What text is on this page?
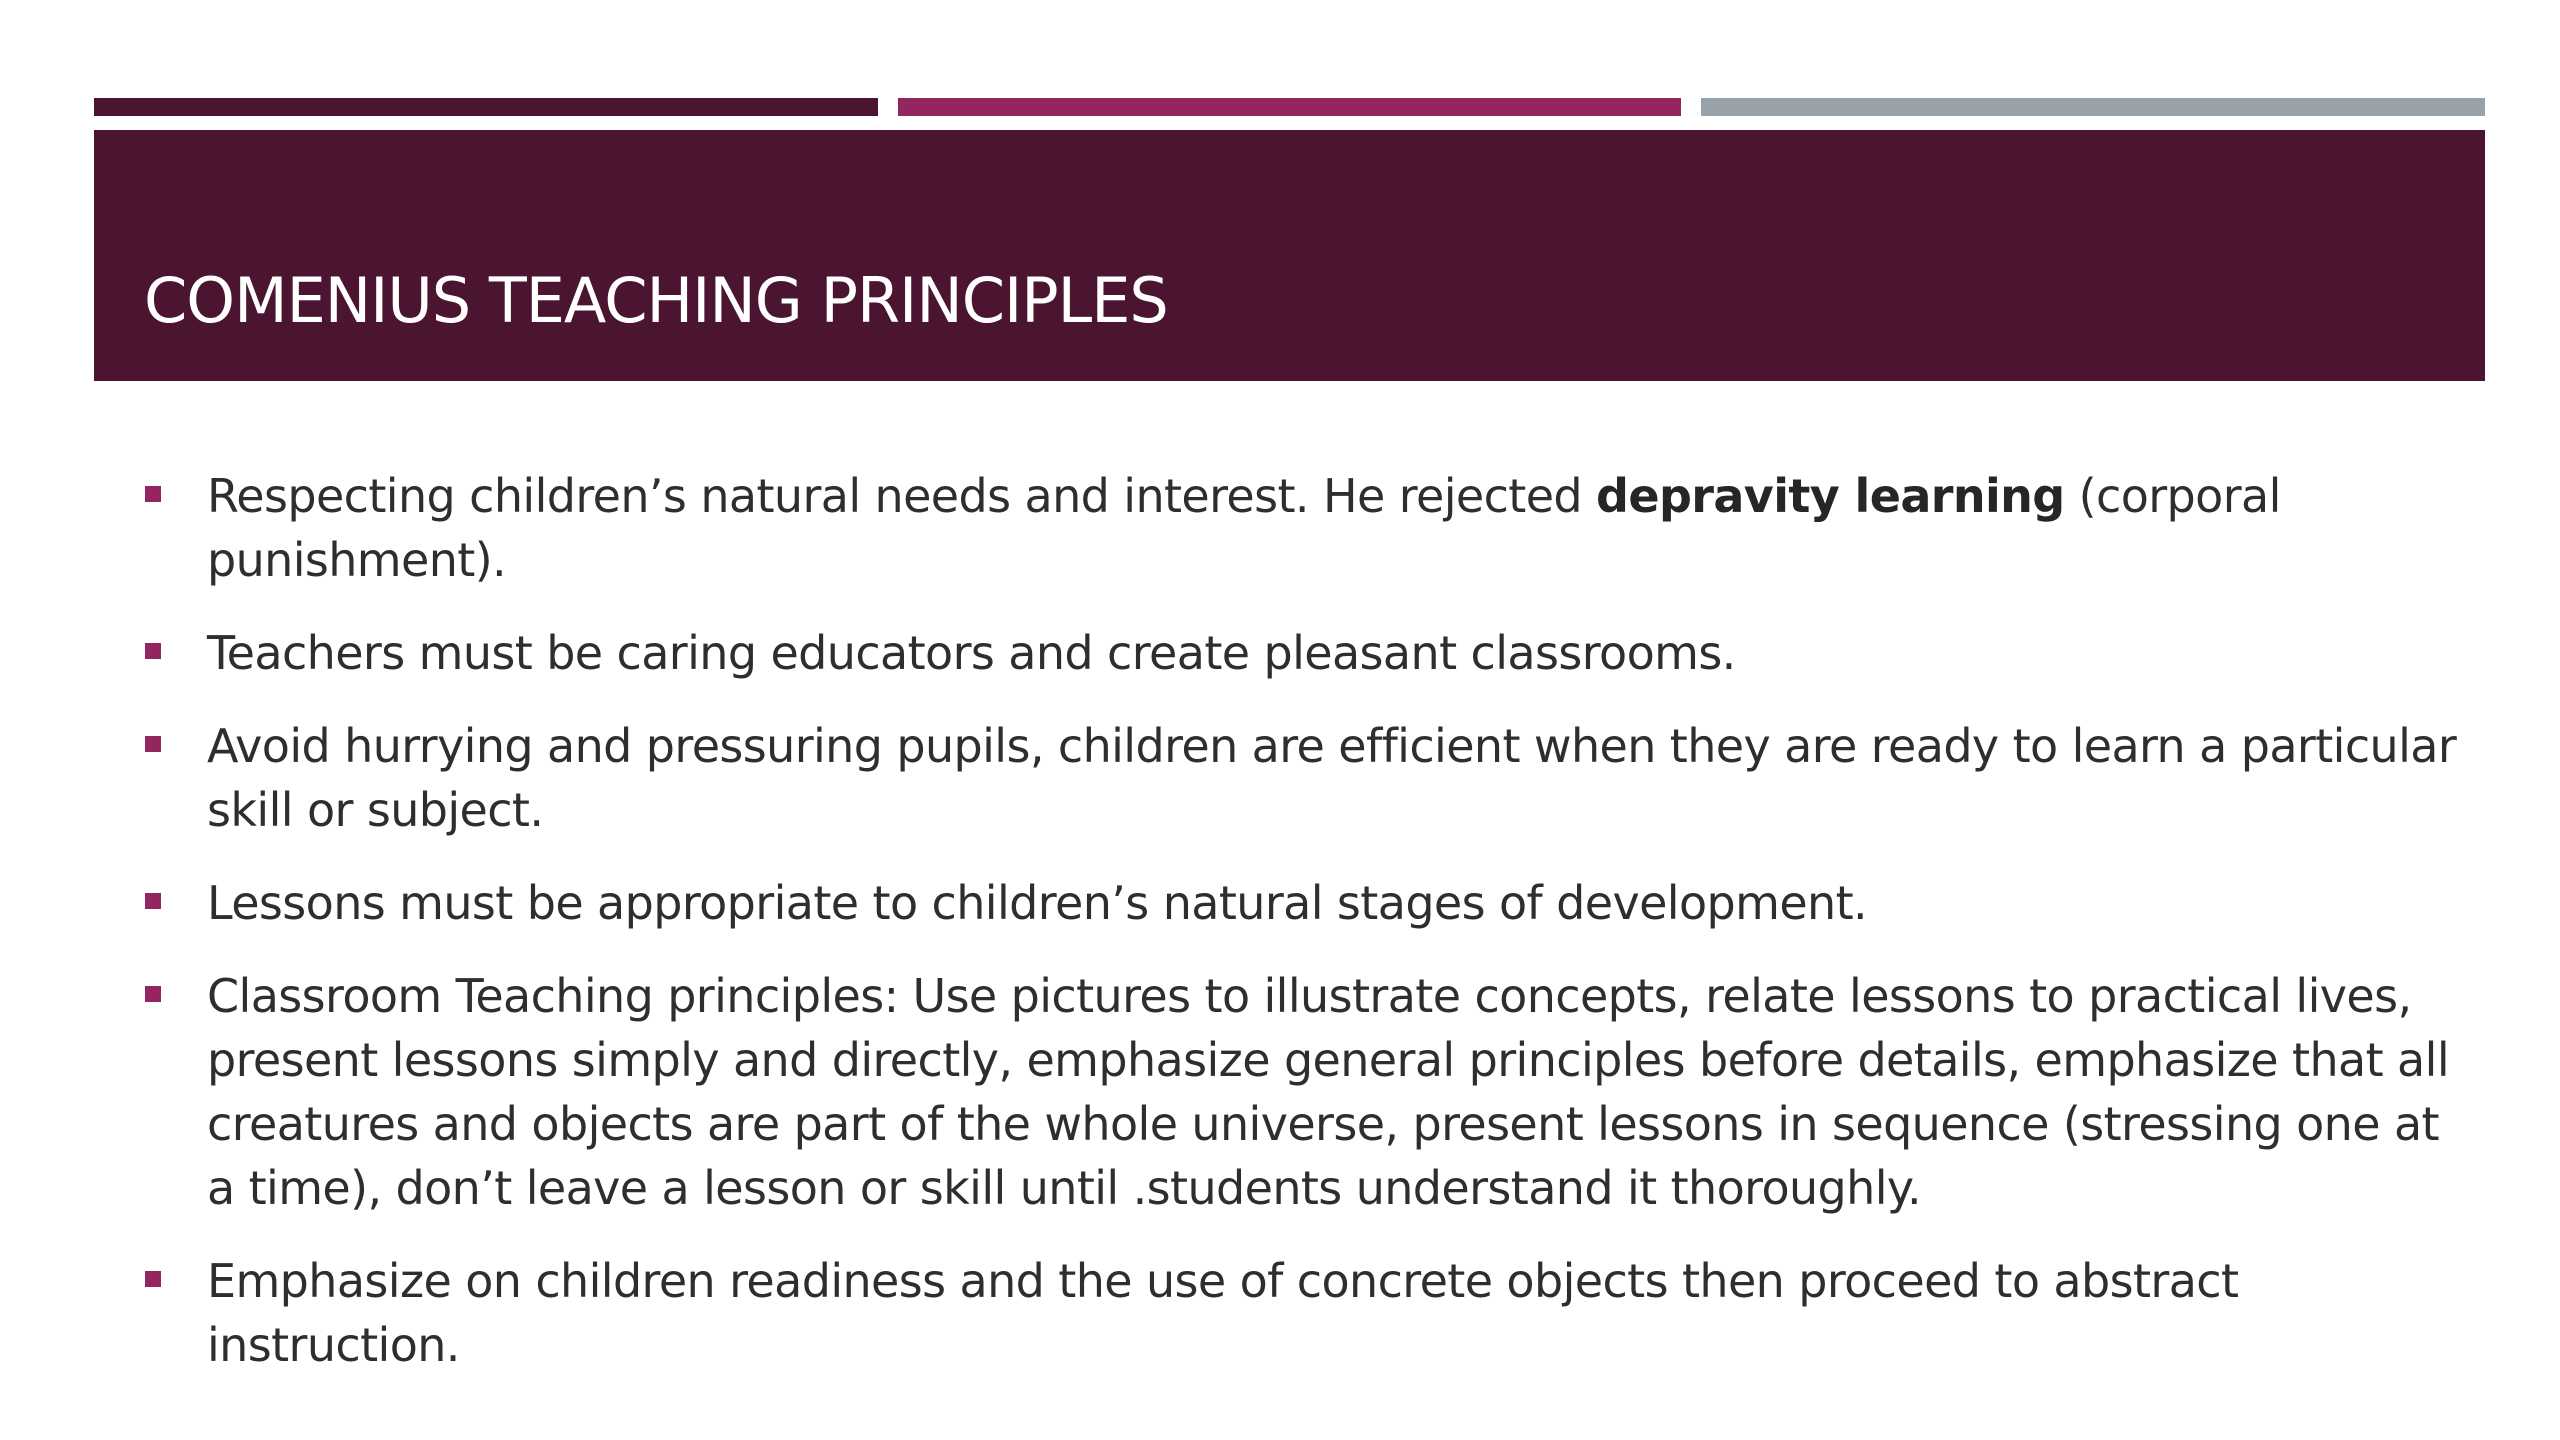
COMENIUS TEACHING PRINCIPLES
Respecting children’s natural needs and interest. He rejected depravity learning (corporal punishment).
Teachers must be caring educators and create pleasant classrooms.
Avoid hurrying and pressuring pupils, children are efficient when they are ready to learn a particular skill or subject.
Lessons must be appropriate to children’s natural stages of development.
Classroom Teaching principles: Use pictures to illustrate concepts, relate lessons to practical lives, present lessons simply and directly, emphasize general principles before details, emphasize that all creatures and objects are part of the whole universe, present lessons in sequence (stressing one at a time), don’t leave a lesson or skill until .students understand it thoroughly.
Emphasize on children readiness and the use of concrete objects then proceed to abstract instruction.
